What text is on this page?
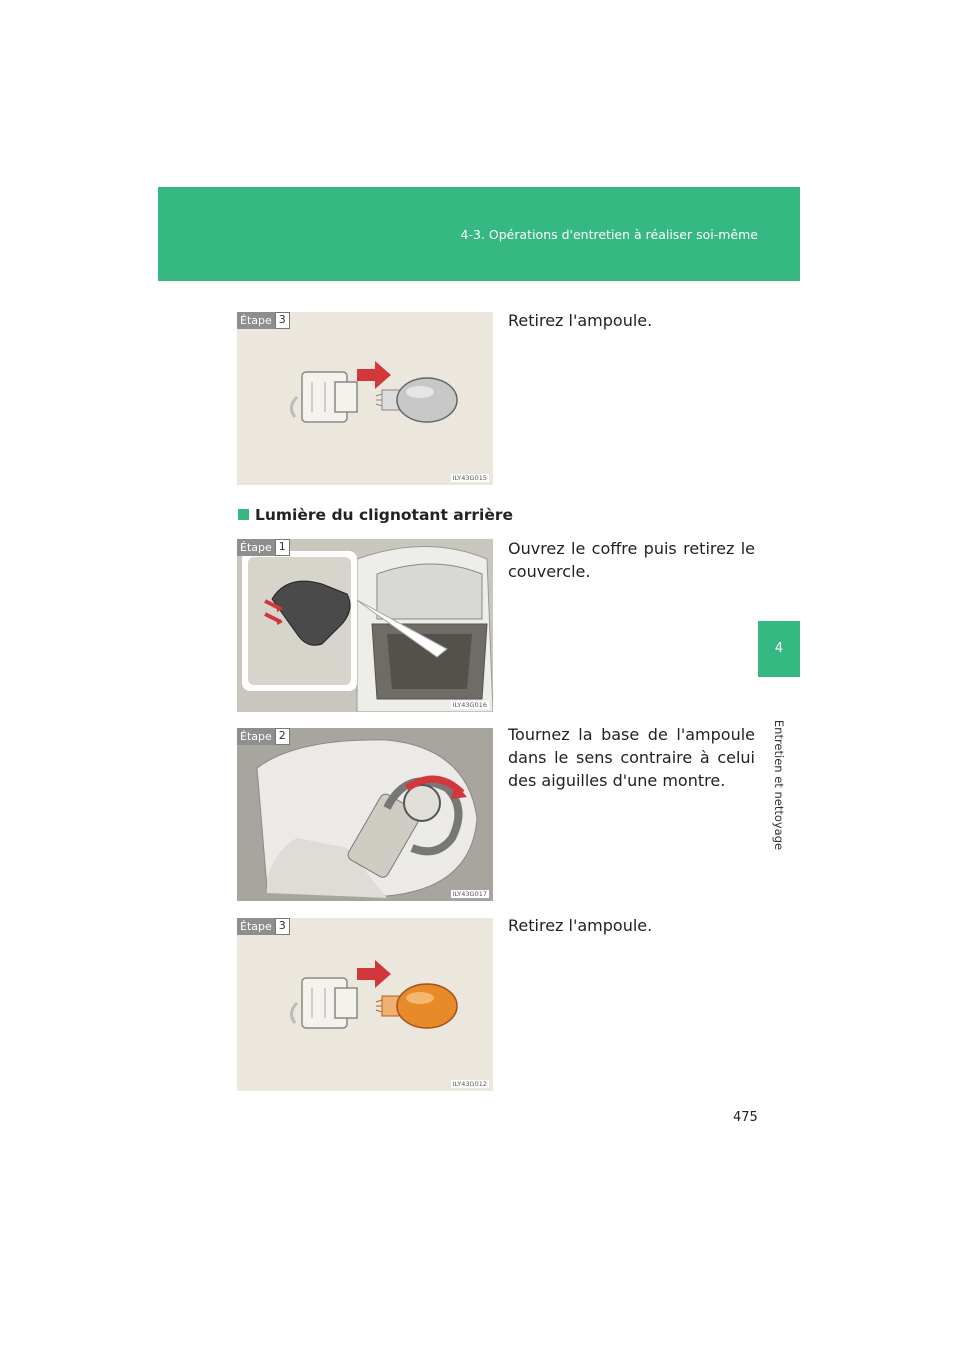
4-3. Opérations d'entretien à réaliser soi-même
4
Entretien et nettoyage
Étape 3
ILY43G015
Retirez l'ampoule.
Lumière du clignotant arrière
Étape 1
ILY43G016
Ouvrez le coffre puis retirez le couvercle.
Étape 2
ILY43G017
Tournez la base de l'ampoule dans le sens contraire à celui des aiguilles d'une montre.
Étape 3
ILY43G012
Retirez l'ampoule.
475
